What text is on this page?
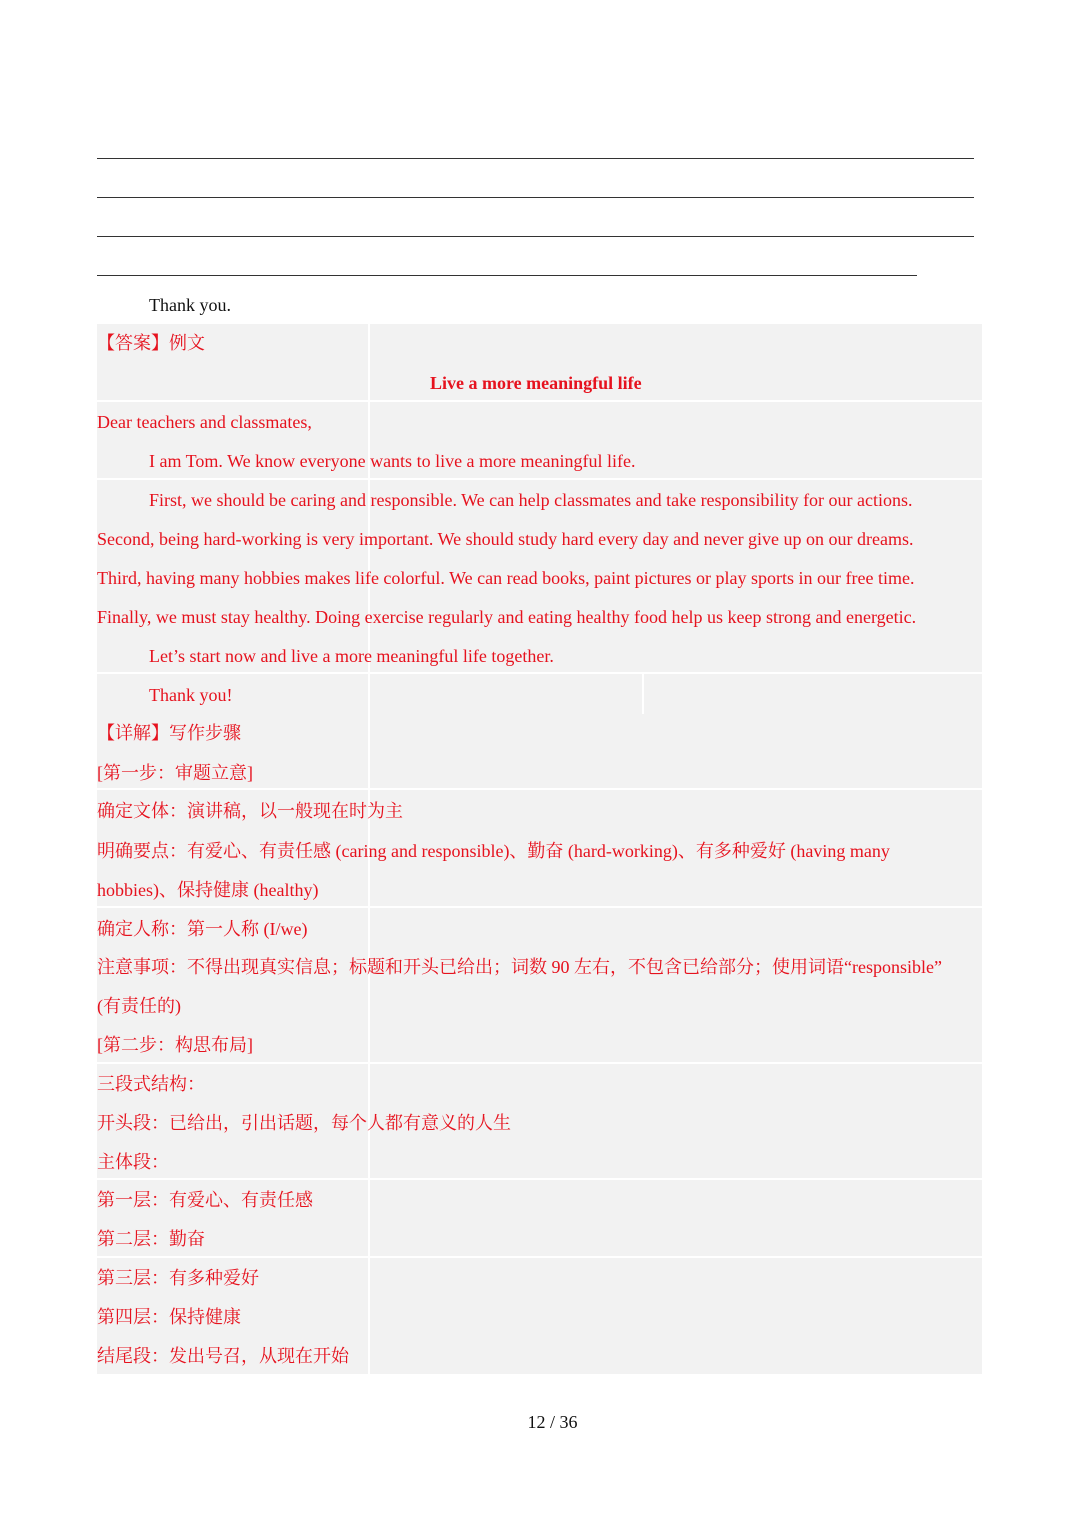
Thank you.
【答案】例文
Live a more meaningful life
Dear teachers and classmates,
I am Tom. We know everyone wants to live a more meaningful life.
First, we should be caring and responsible. We can help classmates and take responsibility for our actions.
Second, being hard-working is very important. We should study hard every day and never give up on our dreams.
Third, having many hobbies makes life colorful. We can read books, paint pictures or play sports in our free time.
Finally, we must stay healthy. Doing exercise regularly and eating healthy food help us keep strong and energetic.
Let’s start now and live a more meaningful life together.
Thank you!
【详解】写作步骤
[第一步：审题立意]
确定文体：演讲稿，以一般现在时为主
明确要点：有爱心、有责任感 (caring and responsible)、勤奋 (hard-working)、有多种爱好 (having many
hobbies)、保持健康 (healthy)
确定人称：第一人称 (I/we)
注意事项：不得出现真实信息；标题和开头已给出；词数 90 左右，不包含已给部分；使用词语“responsible”
(有责任的)
[第二步：构思布局]
三段式结构：
开头段：已给出，引出话题，每个人都有意义的人生
主体段：
第一层：有爱心、有责任感
第二层：勤奋
第三层：有多种爱好
第四层：保持健康
结尾段：发出号召，从现在开始
12 / 36
